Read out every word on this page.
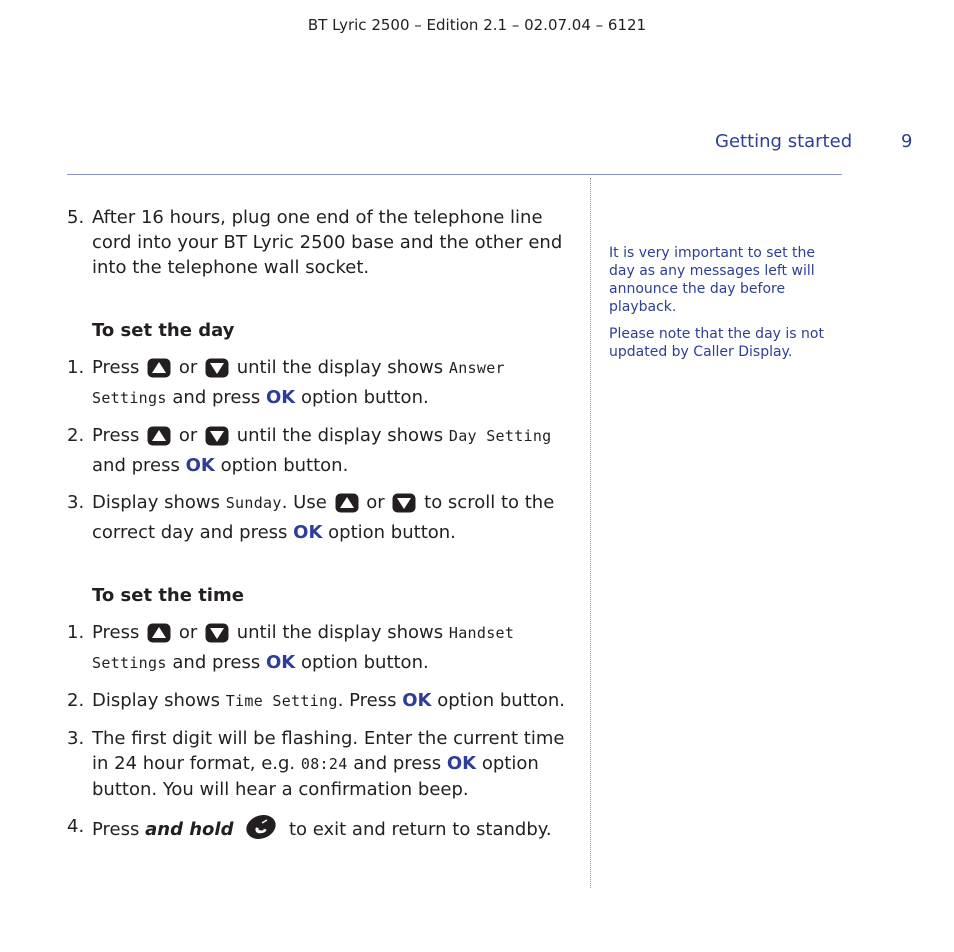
BT Lyric 2500 – Edition 2.1 – 02.07.04 – 6121
Getting started	9
5. After 16 hours, plug one end of the telephone line cord into your BT Lyric 2500 base and the other end into the telephone wall socket.
To set the day
1. Press or until the display shows Answer Settings and press OK option button.
2. Press or until the display shows Day Setting and press OK option button.
3. Display shows Sunday. Use or to scroll to the correct day and press OK option button.
To set the time
1. Press or until the display shows Handset Settings and press OK option button.
2. Display shows Time Setting. Press OK option button.
3. The first digit will be flashing. Enter the current time in 24 hour format, e.g. 08:24 and press OK option button. You will hear a confirmation beep.
4. Press and hold	to exit and return to standby.

It is very important to set the day as any messages left will announce the day before playback.

Please note that the day is not updated by Caller Display.
